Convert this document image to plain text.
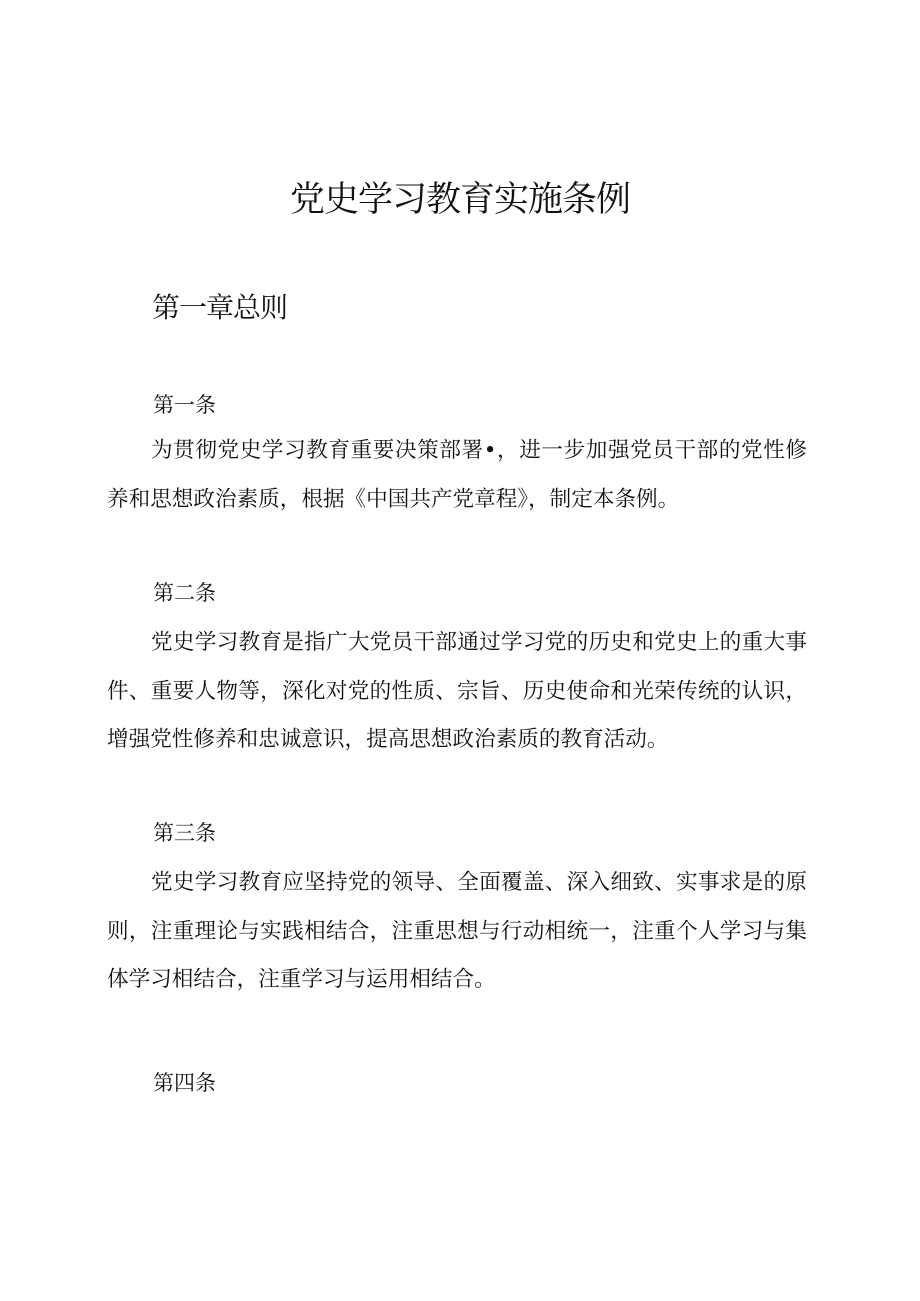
党史学习教育实施条例
第一章总则

第一条

为贯彻党史学习教育重要决策部署•，进一步加强党员干部的党性修养和思想政治素质，根据《中国共产党章程》，制定本条例。

第二条

党史学习教育是指广大党员干部通过学习党的历史和党史上的重大事件、重要人物等，深化对党的性质、宗旨、历史使命和光荣传统的认识，增强党性修养和忠诚意识，提高思想政治素质的教育活动。

第三条

党史学习教育应坚持党的领导、全面覆盖、深入细致、实事求是的原则，注重理论与实践相结合，注重思想与行动相统一，注重个人学习与集体学习相结合，注重学习与运用相结合。

第四条
